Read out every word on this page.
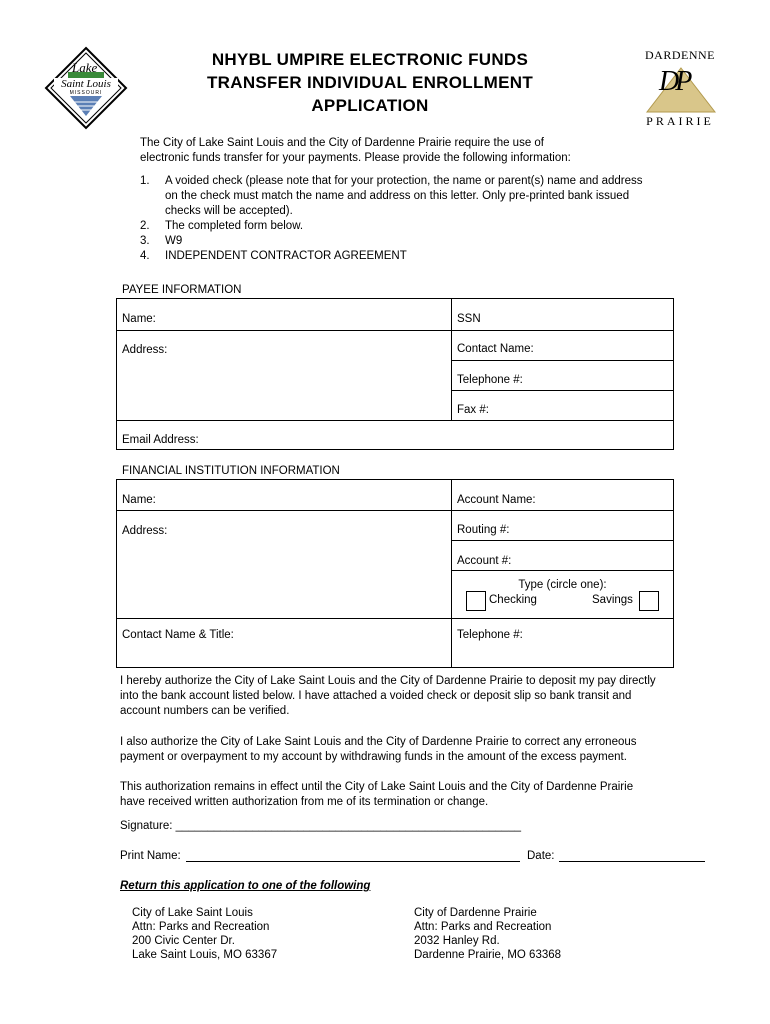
Lake
Saint Louis
MISSOURI
NHYBL UMPIRE ELECTRONIC FUNDS
TRANSFER INDIVIDUAL ENROLLMENT
APPLICATION
DARDENNE
DP
PRAIRIE
The City of Lake Saint Louis and the City of Dardenne Prairie require the use of
electronic funds transfer for your payments. Please provide the following information:
1. A voided check (please note that for your protection, the name or parent(s) name and address
on the check must match the name and address on this letter. Only pre-printed bank issued
checks will be accepted).
2. The completed form below.
3. W9
4. INDEPENDENT CONTRACTOR AGREEMENT
PAYEE INFORMATION
Name:	SSN
Address:	Contact Name:
Telephone #:
Fax #:
Email Address:
FINANCIAL INSTITUTION INFORMATION
Name:	Account Name:
Address:	Routing #:
Account #:
Type (circle one):
Checking	Savings
Contact Name & Title:	Telephone #:
I hereby authorize the City of Lake Saint Louis and the City of Dardenne Prairie to deposit my pay directly
into the bank account listed below. I have attached a voided check or deposit slip so bank transit and
account numbers can be verified.
I also authorize the City of Lake Saint Louis and the City of Dardenne Prairie to correct any erroneous
payment or overpayment to my account by withdrawing funds in the amount of the excess payment.
This authorization remains in effect until the City of Lake Saint Louis and the City of Dardenne Prairie
have received written authorization from me of its termination or change.
Signature: ______________________________________________________
Print Name:	Date:
Return this application to one of the following
City of Lake Saint Louis
Attn: Parks and Recreation
200 Civic Center Dr.
Lake Saint Louis, MO 63367
City of Dardenne Prairie
Attn: Parks and Recreation
2032 Hanley Rd.
Dardenne Prairie, MO 63368
